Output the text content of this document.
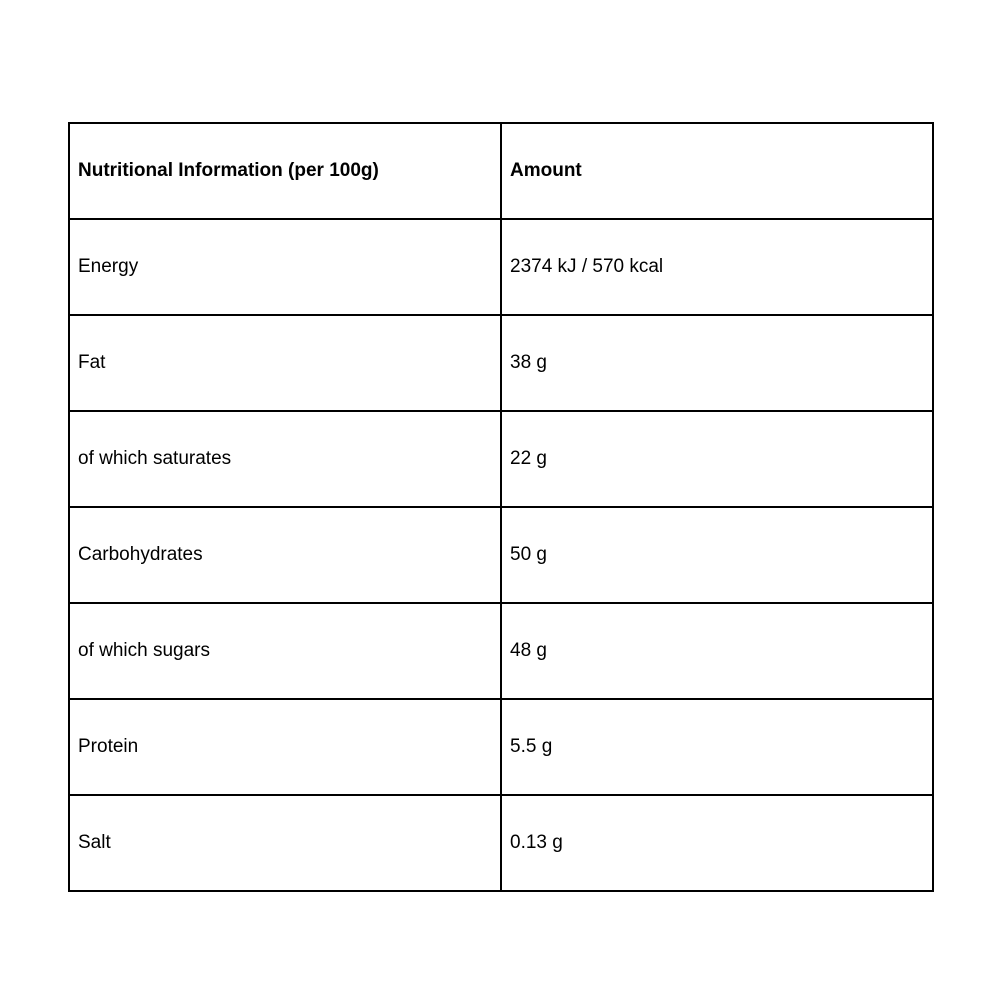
Nutritional Information (per 100g)	Amount
Energy	2374 kJ / 570 kcal
Fat	38 g
of which saturates	22 g
Carbohydrates	50 g
of which sugars	48 g
Protein	5.5 g
Salt	0.13 g
